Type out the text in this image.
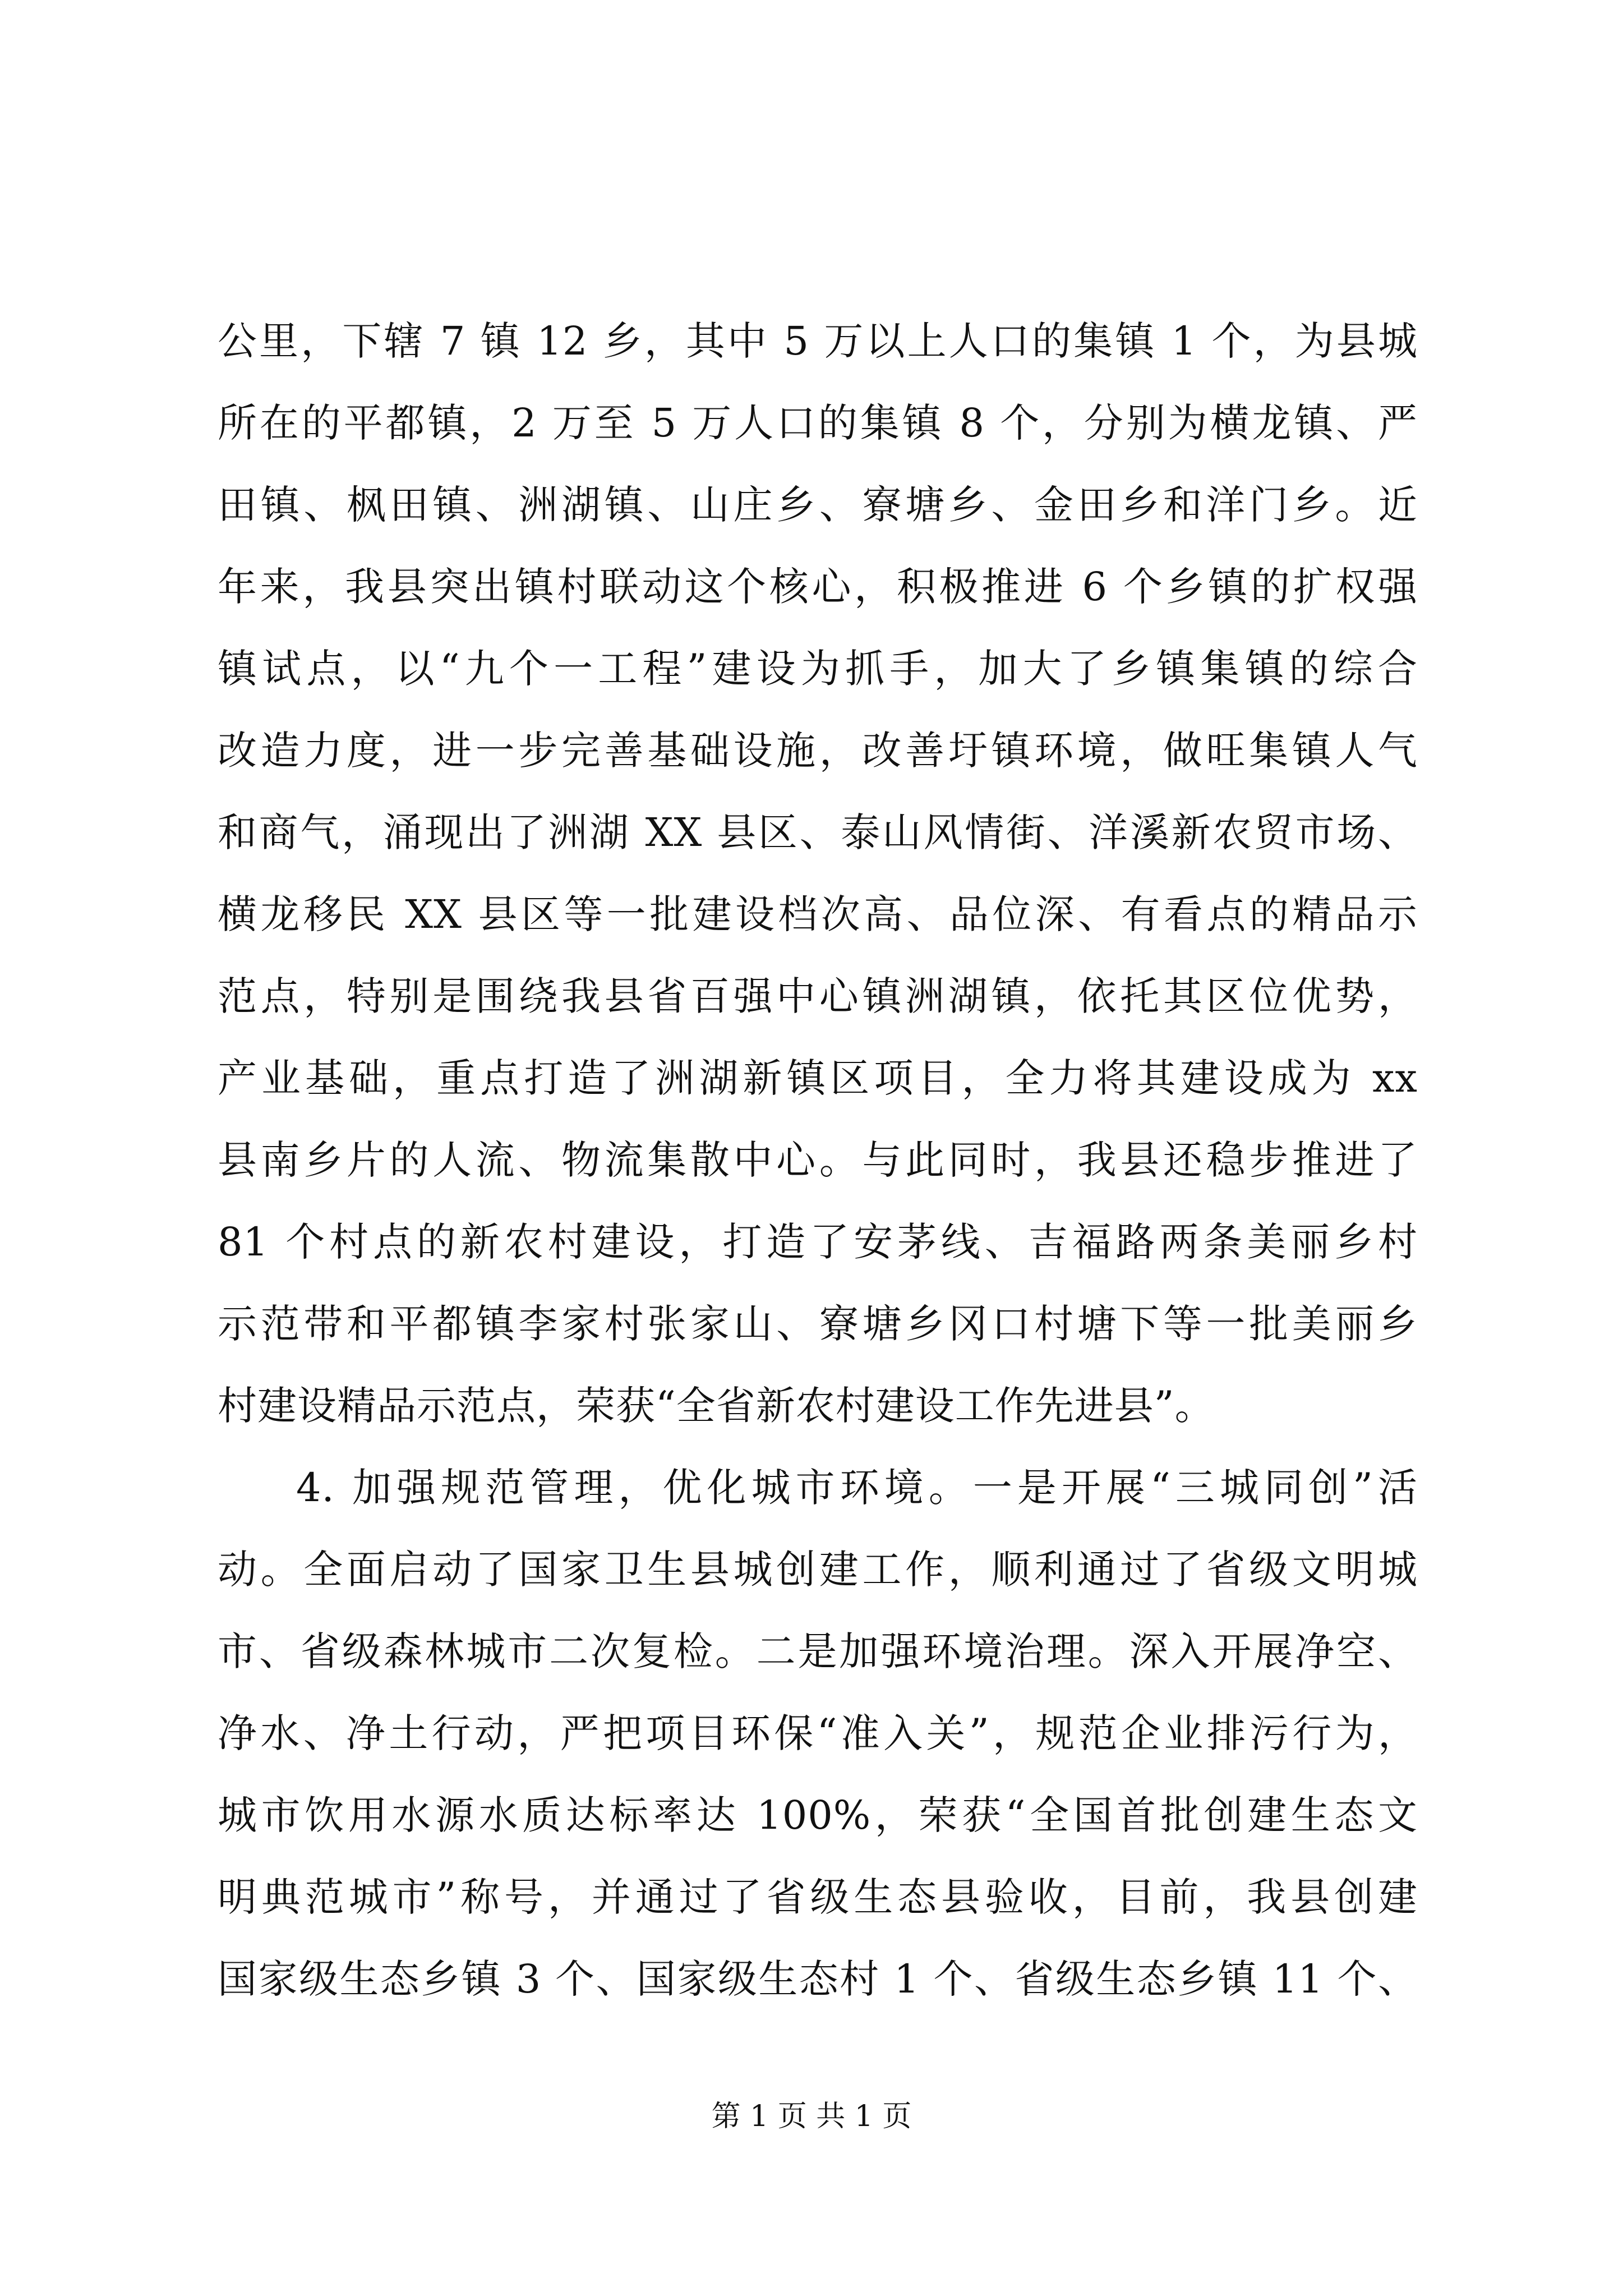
公里，下辖 7 镇 12 乡，其中 5 万以上人口的集镇 1 个，为县城
所在的平都镇，2 万至 5 万人口的集镇 8 个，分别为横龙镇、严
田镇、枫田镇、洲湖镇、山庄乡、寮塘乡、金田乡和洋门乡。近
年来，我县突出镇村联动这个核心，积极推进 6 个乡镇的扩权强
镇试点，以“九个一工程”建设为抓手，加大了乡镇集镇的综合
改造力度，进一步完善基础设施，改善圩镇环境，做旺集镇人气
和商气，涌现出了洲湖 XX 县区、泰山风情街、洋溪新农贸市场、
横龙移民 XX 县区等一批建设档次高、品位深、有看点的精品示
范点，特别是围绕我县省百强中心镇洲湖镇，依托其区位优势，
产业基础，重点打造了洲湖新镇区项目，全力将其建设成为 xx
县南乡片的人流、物流集散中心。与此同时，我县还稳步推进了
81 个村点的新农村建设，打造了安茅线、吉福路两条美丽乡村
示范带和平都镇李家村张家山、寮塘乡冈口村塘下等一批美丽乡
村建设精品示范点，荣获“全省新农村建设工作先进县”。
4. 加强规范管理，优化城市环境。一是开展“三城同创”活
动。全面启动了国家卫生县城创建工作，顺利通过了省级文明城
市、省级森林城市二次复检。二是加强环境治理。深入开展净空、
净水、净土行动，严把项目环保“准入关”，规范企业排污行为，
城市饮用水源水质达标率达 100%，荣获“全国首批创建生态文
明典范城市”称号，并通过了省级生态县验收，目前，我县创建
国家级生态乡镇 3 个、国家级生态村 1 个、省级生态乡镇 11 个、
第 1 页 共 1 页
